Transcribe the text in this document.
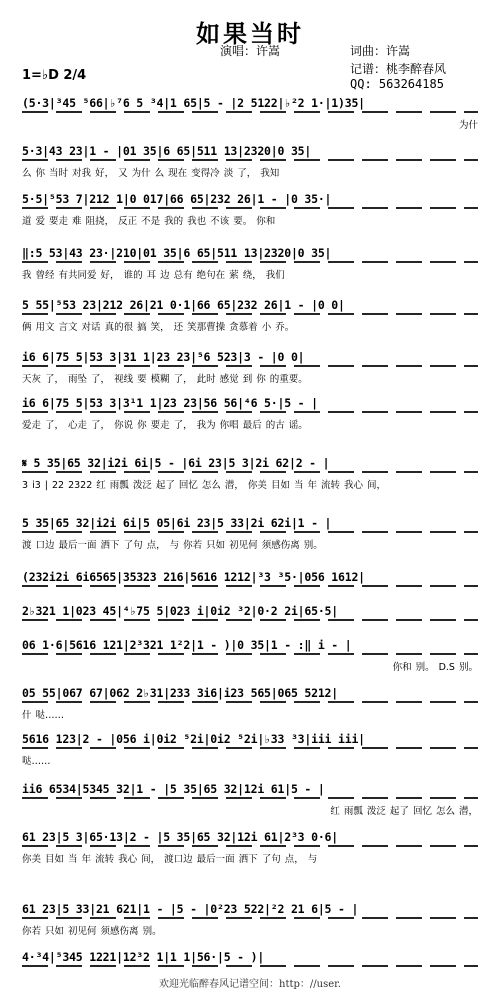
如果当时
演唱：许嵩	词曲：许嵩
记谱：桃李醉春风
QQ: 563264185
1=♭D 2/4
(5·3|³45 ⁵66|♭⁷6 5 ³4|1 65|5 - |2 5122|♭²2 1·|1)35|
为什
5·3|43 23|1 - |01 35|6 65|511 13|2320|0 35|
么 你 当时 对我 好， 又 为什 么 现在 变得冷 淡 了， 我知
5·5|⁵53 7|212 1|0 017|66 65|232 26|1 - |0 35·|
道 爱 要走 难 阻挠， 反正 不是 我的 我也 不该 要。 你和
‖:5 53|43 23·|210|01 35|6 65|511 13|2320|0 35|
我 曾经 有共同爱 好， 谁的 耳 边 总有 绝句在 萦 绕， 我们
5 55|⁵53 23|212 26|21 0·1|66 65|232 26|1 - |0 0|
俩 用文 言文 对话 真的很 搞 笑， 还 笑那曹操 贪慕着 小 乔。
i6 6|75 5|53 3|31 1|23 23|⁵6 523|3 - |0 0|
天灰 了， 雨坠 了， 视线 要 模糊 了， 此时 感觉 到 你 的重要。
i6 6|75 5|53 3|3¹1 1|23 23|56 56|⁴6 5·|5 - |
爱走 了， 心走 了， 你说 你 要走 了， 我为 你唱 最后 的古 谣。
𝄋 5 35|65 32|i2i 6i|5 - |6i 23|5 3|2i 62|2 - |
3 i3 | 22 2322 红 雨瓢 泼泛 起了 回忆 怎么 潜， 你美 目如 当 年 流转 我心 间，
5 35|65 32|i2i 6i|5 05|6i 23|5 33|2i 62i|1 - |
渡 口边 最后一面 洒下 了句 点， 与 你若 只如 初见何 须感伤离 别。
(232i2i 6i6565|35323 216|5616 1212|³3 ³5·|056 1612|
2♭321 1|023 45|⁴♭75 5|023 i|0i2 ³2|0·2 2i|65·5|
06 1·6|5616 121|2³321 1²2|1 - )|0 35|1 - :‖ i - |
你和 别。 D.S 别。
05 55|067 67|062 2♭31|233 3i6|i23 565|065 5212|
什 哒……
5616 123|2 - |056 i|0i2 ⁵2i|0i2 ⁵2i|♭33 ³3|iii iii|
哒……
ii6 6534|5345 32|1 - |5 35|65 32|12i 61|5 - |
红 雨瓢 泼泛 起了 回忆 怎么 潜，
61 23|5 3|65·13|2 - |5 35|65 32|12i 61|2³3 0·6|
你美 目如 当 年 流转 我心 间， 渡口边 最后一面 洒下 了句 点， 与
61 23|5 33|21 621|1 - |5 - |0²23 522|²2 21 6|5 - |
你若 只如 初见何 须感伤离 别。
4·³4|⁵345 1221|12³2 1|1 1|56·|5 - )|
欢迎光临醉春风记谱空间：http：//user.
